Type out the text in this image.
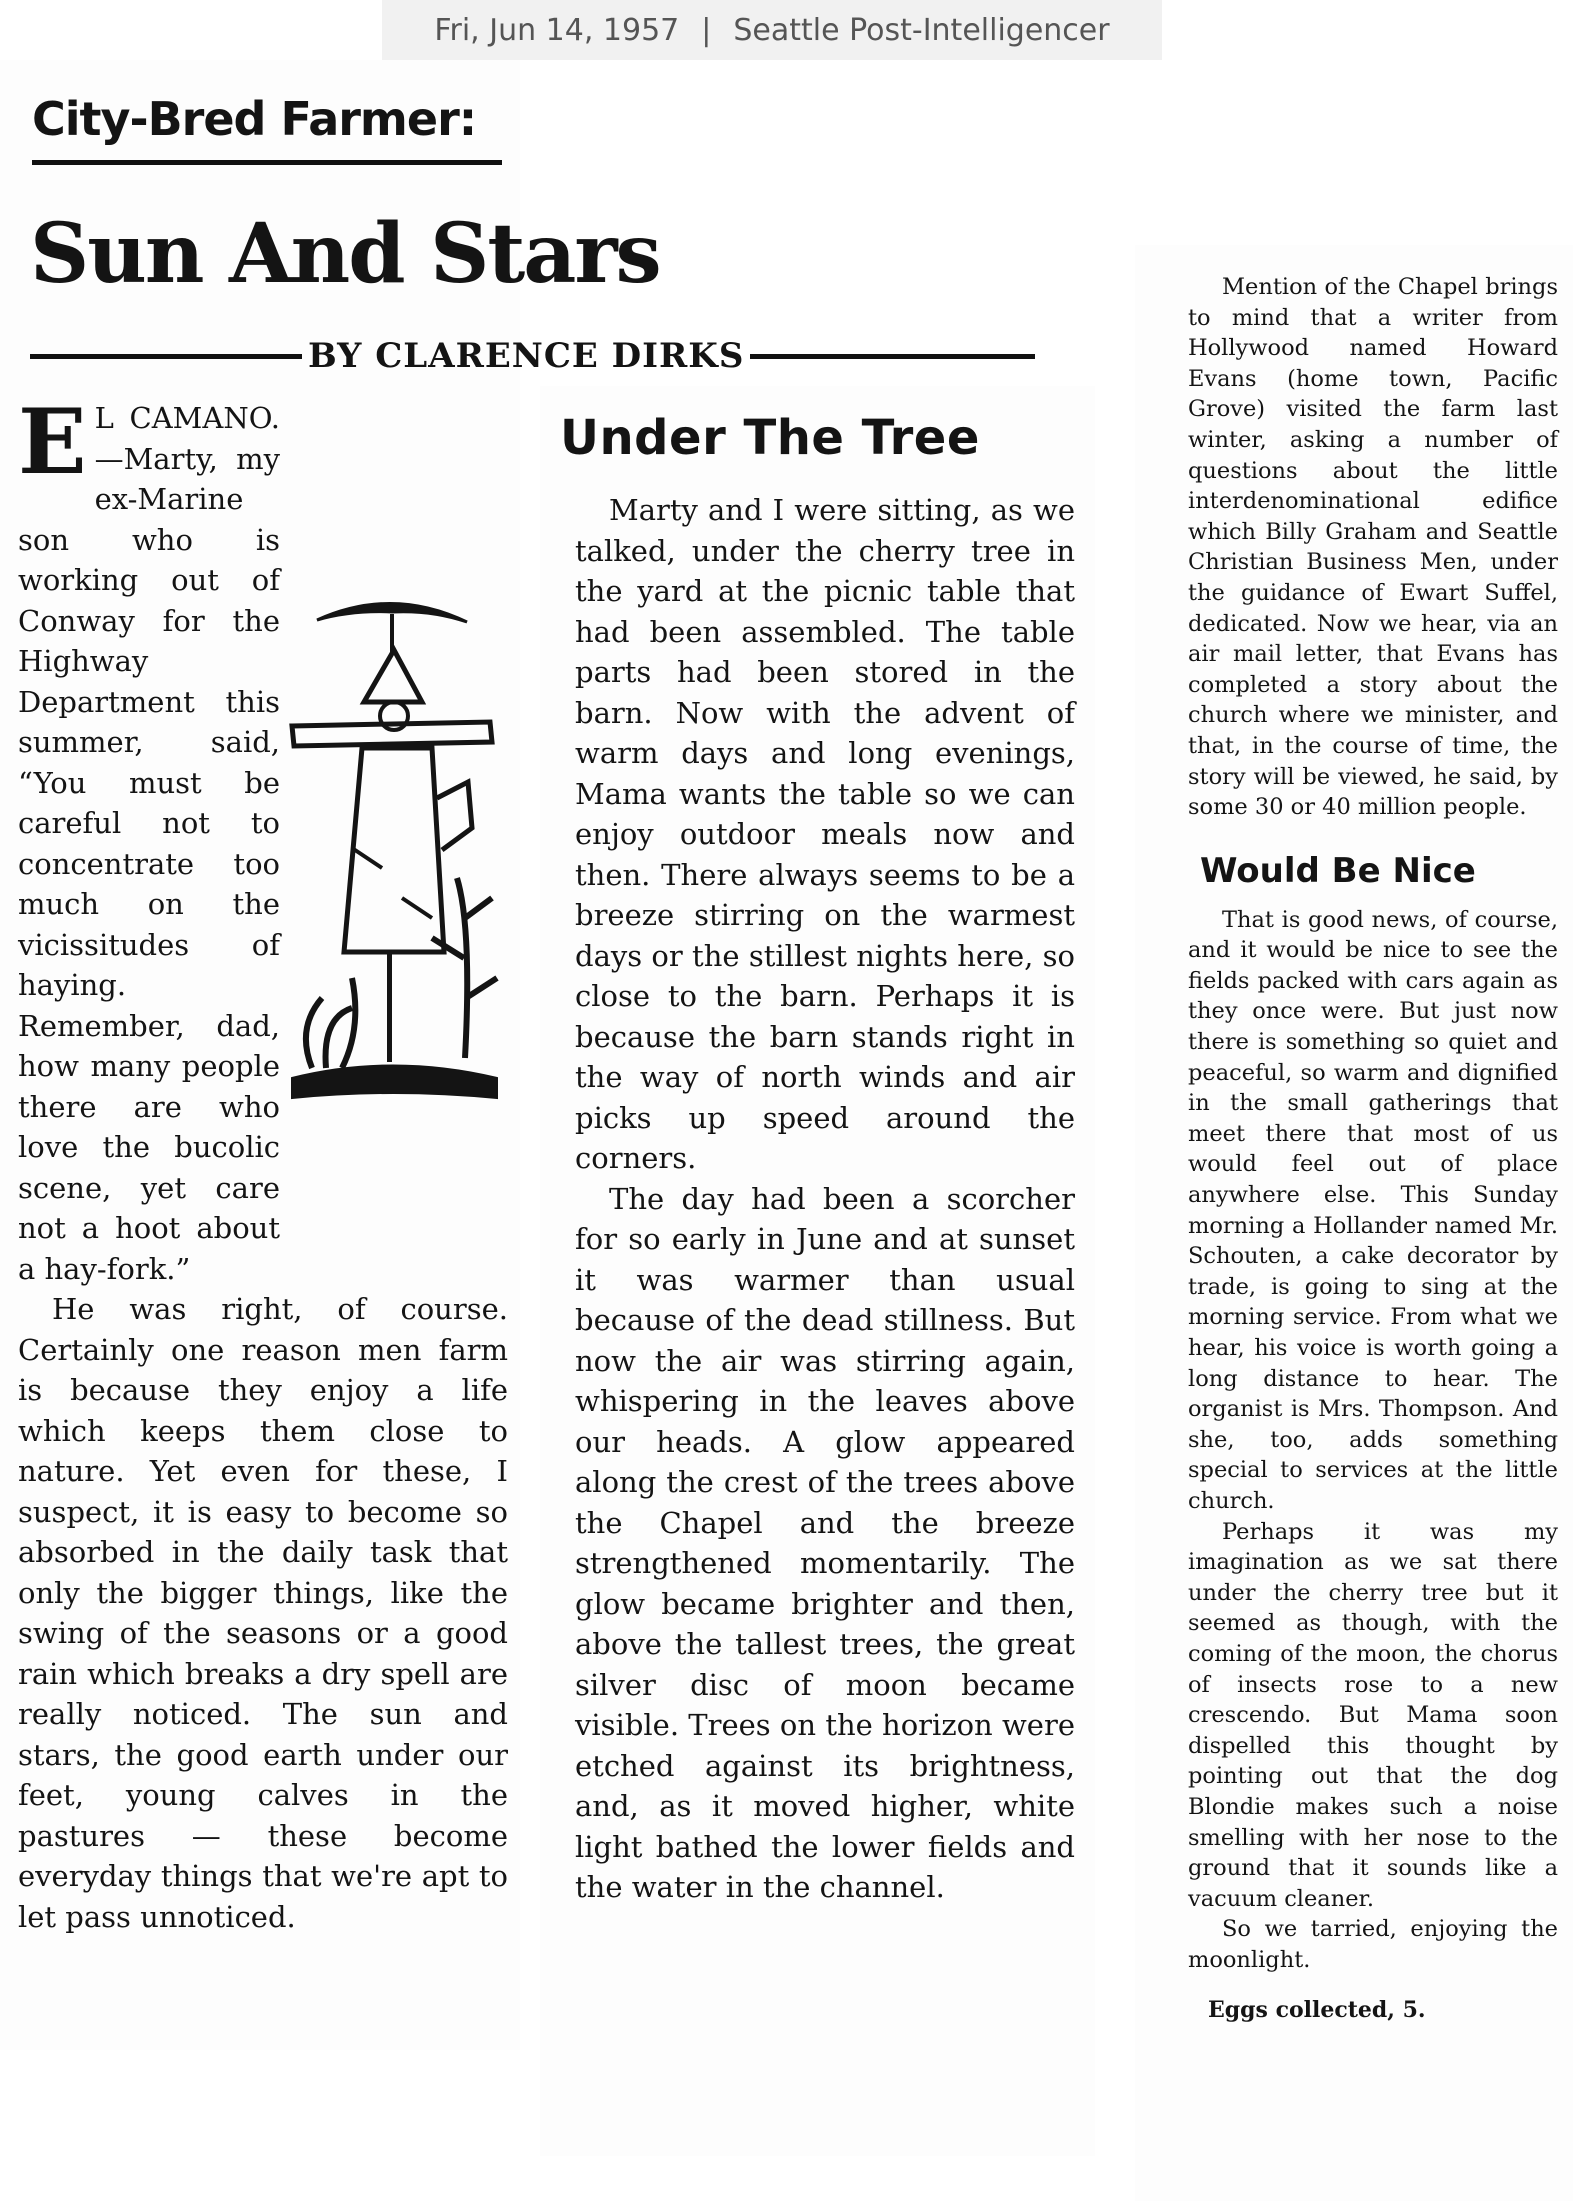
Fri, Jun 14, 1957 | Seattle Post-Intelligencer
City-Bred Farmer:
Sun And Stars
BY CLARENCE DIRKS
E L CAMANO.—Marty, my ex-Marine son who is working out of Conway for the Highway Department this summer, said, “You must be careful not to concentrate too much on the vicissitudes of haying. Remember, dad, how many people there are who love the bucolic scene, yet care not a hoot about a hay-fork.”

He was right, of course. Certainly one reason men farm is because they enjoy a life which keeps them close to nature. Yet even for these, I suspect, it is easy to become so absorbed in the daily task that only the bigger things, like the swing of the seasons or a good rain which breaks a dry spell are really noticed. The sun and stars, the good earth under our feet, young calves in the pastures — these become everyday things that we're apt to let pass unnoticed.

Under The Tree

Marty and I were sitting, as we talked, under the cherry tree in the yard at the picnic table that had been assembled. The table parts had been stored in the barn. Now with the advent of warm days and long evenings, Mama wants the table so we can enjoy outdoor meals now and then. There always seems to be a breeze stirring on the warmest days or the stillest nights here, so close to the barn. Perhaps it is because the barn stands right in the way of north winds and air picks up speed around the corners.

The day had been a scorcher for so early in June and at sunset it was warmer than usual because of the dead stillness. But now the air was stirring again, whispering in the leaves above our heads. A glow appeared along the crest of the trees above the Chapel and the breeze strengthened momentarily. The glow became brighter and then, above the tallest trees, the great silver disc of moon became visible. Trees on the horizon were etched against its brightness, and, as it moved higher, white light bathed the lower fields and the water in the channel.

Mention of the Chapel brings to mind that a writer from Hollywood named Howard Evans (home town, Pacific Grove) visited the farm last winter, asking a number of questions about the little interdenominational edifice which Billy Graham and Seattle Christian Business Men, under the guidance of Ewart Suffel, dedicated. Now we hear, via an air mail letter, that Evans has completed a story about the church where we minister, and that, in the course of time, the story will be viewed, he said, by some 30 or 40 million people.

Would Be Nice

That is good news, of course, and it would be nice to see the fields packed with cars again as they once were. But just now there is something so quiet and peaceful, so warm and dignified in the small gatherings that meet there that most of us would feel out of place anywhere else. This Sunday morning a Hollander named Mr. Schouten, a cake decorator by trade, is going to sing at the morning service. From what we hear, his voice is worth going a long distance to hear. The organist is Mrs. Thompson. And she, too, adds something special to services at the little church.

Perhaps it was my imagination as we sat there under the cherry tree but it seemed as though, with the coming of the moon, the chorus of insects rose to a new crescendo. But Mama soon dispelled this thought by pointing out that the dog Blondie makes such a noise smelling with her nose to the ground that it sounds like a vacuum cleaner.

So we tarried, enjoying the moonlight.

Eggs collected, 5.
